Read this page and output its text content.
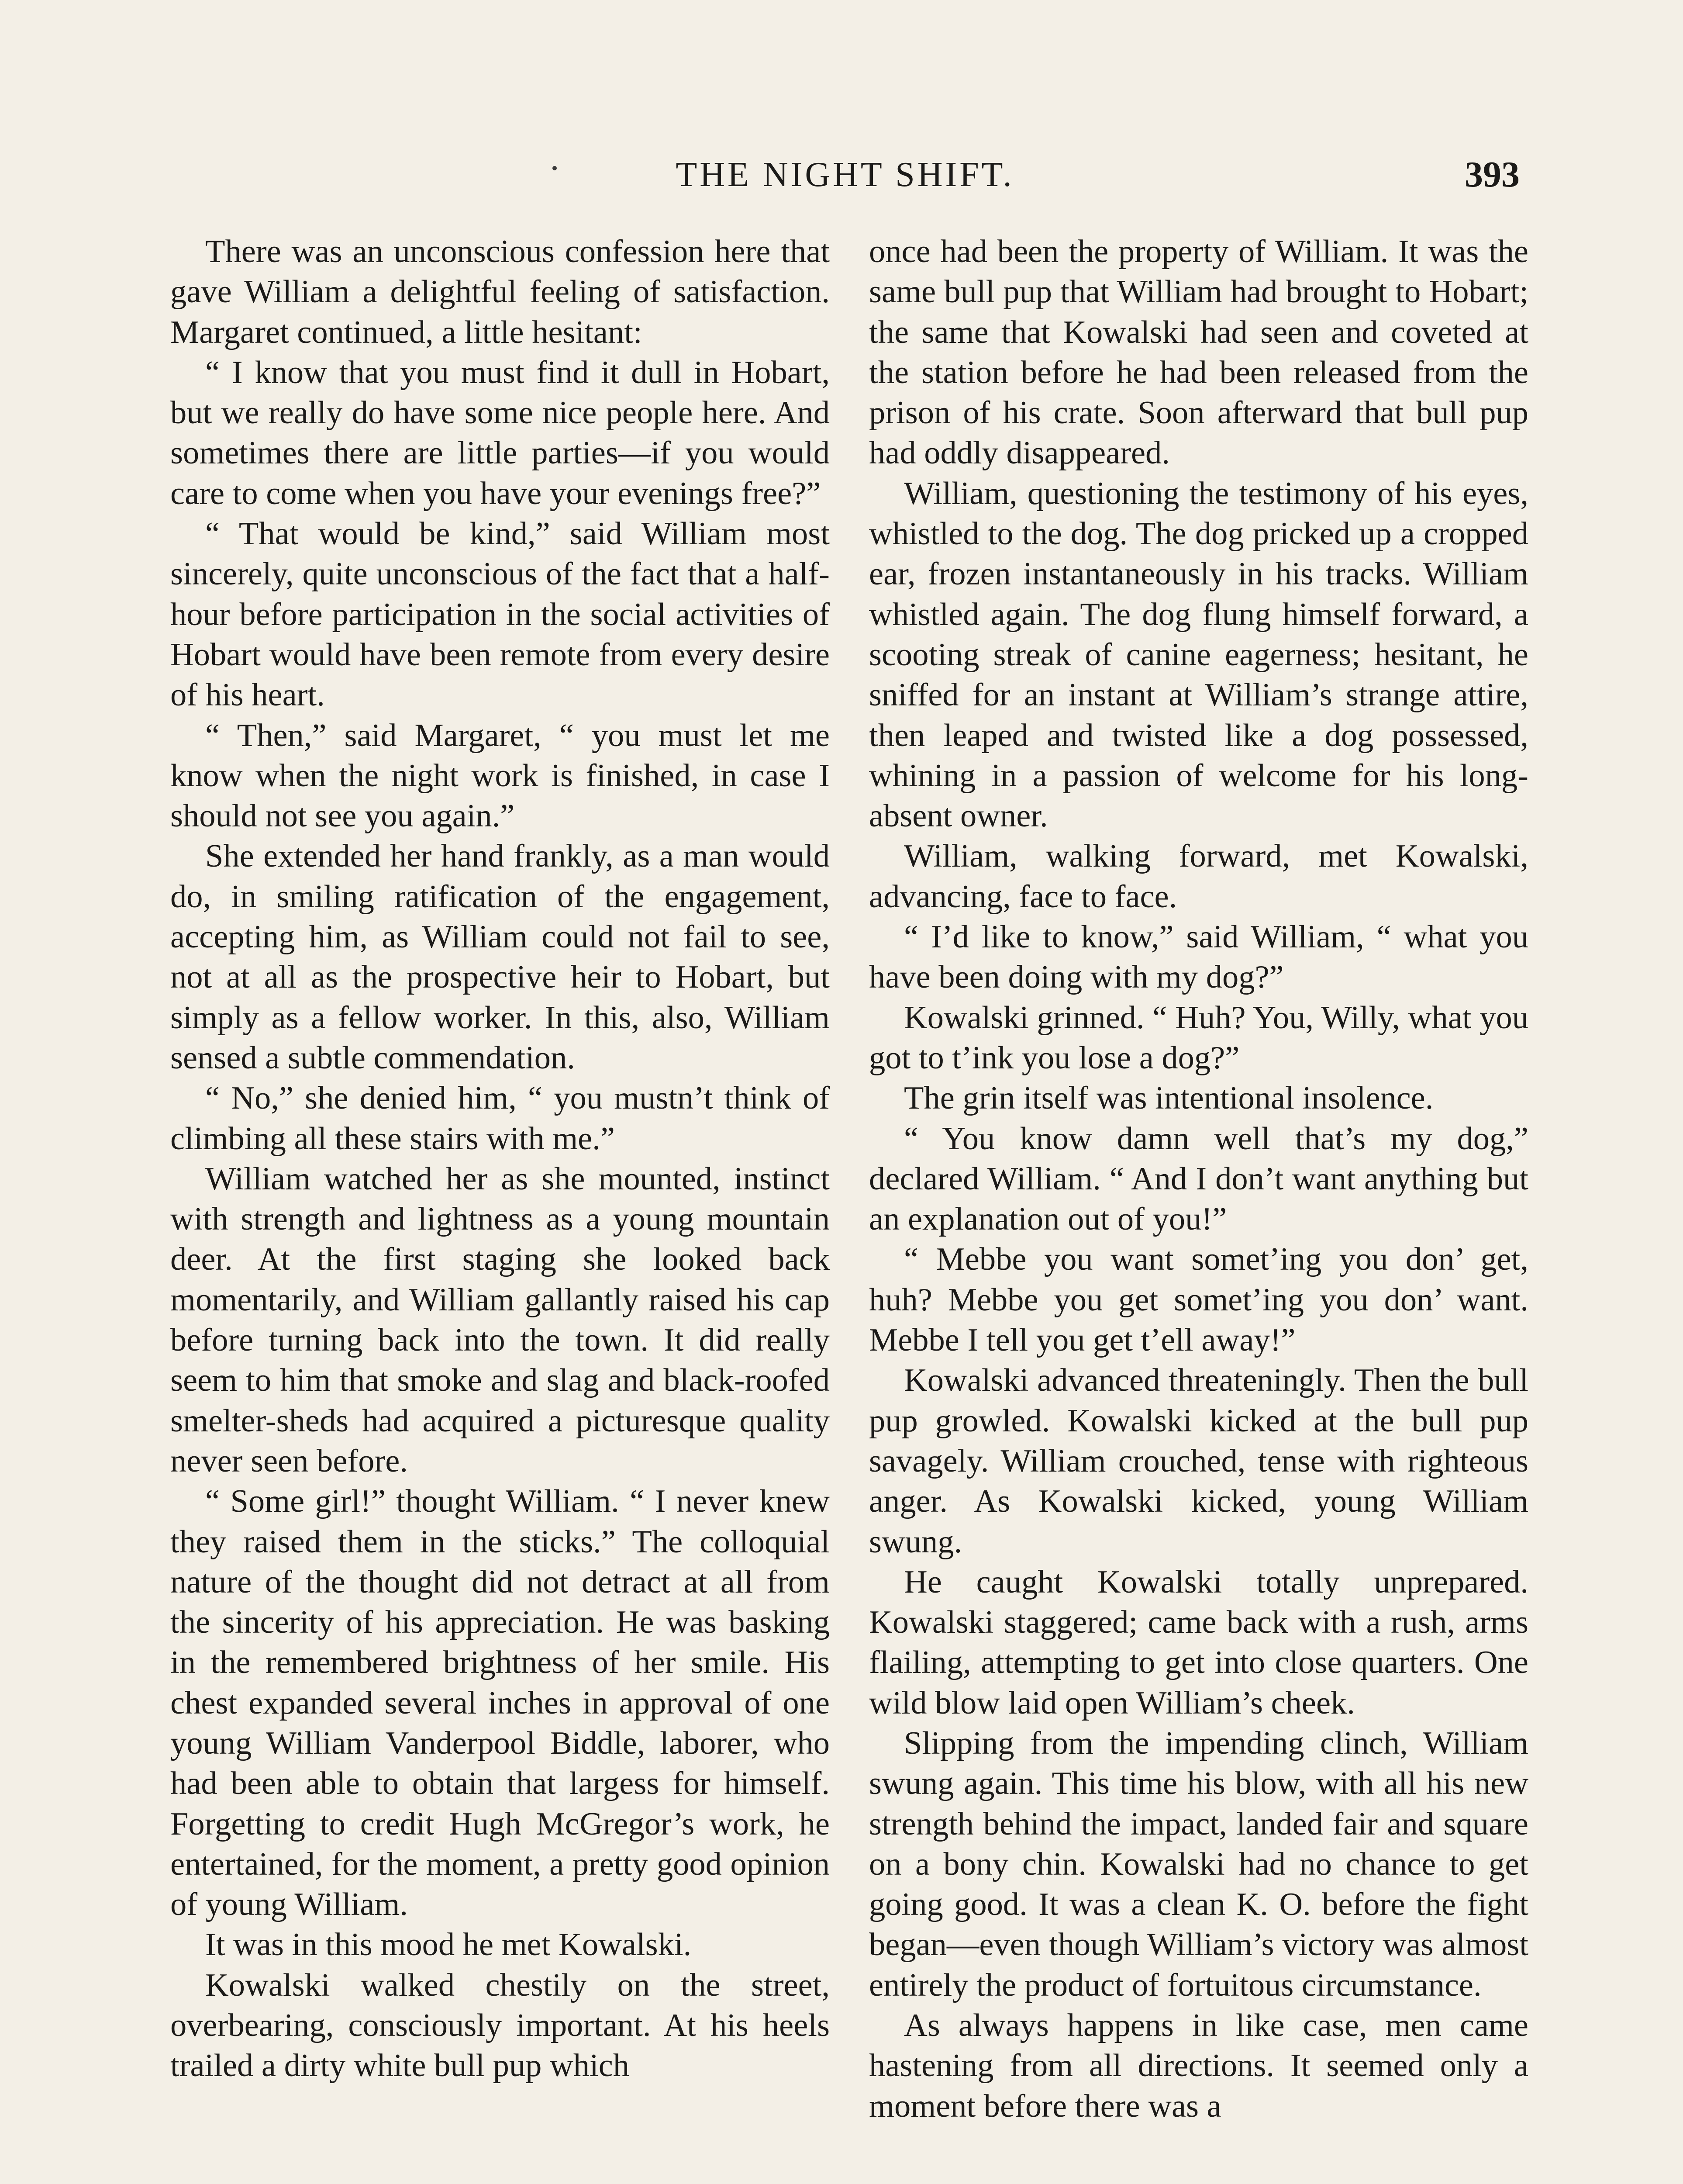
THE NIGHT SHIFT.	393

There was an unconscious confession here that gave William a delightful feeling of satisfaction. Margaret continued, a little hesitant:

“ I know that you must find it dull in Hobart, but we really do have some nice people here. And sometimes there are little parties—if you would care to come when you have your evenings free?”

“ That would be kind,” said William most sincerely, quite unconscious of the fact that a half-hour before participation in the social activities of Hobart would have been remote from every desire of his heart.

“ Then,” said Margaret, “ you must let me know when the night work is finished, in case I should not see you again.”

She extended her hand frankly, as a man would do, in smiling ratification of the engagement, accepting him, as William could not fail to see, not at all as the prospective heir to Hobart, but simply as a fellow worker. In this, also, William sensed a subtle commendation.

“ No,” she denied him, “ you mustn’t think of climbing all these stairs with me.”

William watched her as she mounted, instinct with strength and lightness as a young mountain deer. At the first staging she looked back momentarily, and William gallantly raised his cap before turning back into the town. It did really seem to him that smoke and slag and black-roofed smelter-sheds had acquired a picturesque quality never seen before.

“ Some girl!” thought William. “ I never knew they raised them in the sticks.” The colloquial nature of the thought did not detract at all from the sincerity of his appreciation. He was basking in the remembered brightness of her smile. His chest expanded several inches in approval of one young William Vanderpool Biddle, laborer, who had been able to obtain that largess for himself. Forgetting to credit Hugh McGregor’s work, he entertained, for the moment, a pretty good opinion of young William.

It was in this mood he met Kowalski.

Kowalski walked chestily on the street, overbearing, consciously important. At his heels trailed a dirty white bull pup which

once had been the property of William. It was the same bull pup that William had brought to Hobart; the same that Kowalski had seen and coveted at the station before he had been released from the prison of his crate. Soon afterward that bull pup had oddly disappeared.

William, questioning the testimony of his eyes, whistled to the dog. The dog pricked up a cropped ear, frozen instantaneously in his tracks. William whistled again. The dog flung himself forward, a scooting streak of canine eagerness; hesitant, he sniffed for an instant at William’s strange attire, then leaped and twisted like a dog possessed, whining in a passion of welcome for his long-absent owner.

William, walking forward, met Kowalski, advancing, face to face.

“ I’d like to know,” said William, “ what you have been doing with my dog?”

Kowalski grinned. “ Huh? You, Willy, what you got to t’ink you lose a dog?”

The grin itself was intentional insolence.

“ You know damn well that’s my dog,” declared William. “ And I don’t want anything but an explanation out of you!”

“ Mebbe you want somet’ing you don’ get, huh? Mebbe you get somet’ing you don’ want. Mebbe I tell you get t’ell away!”

Kowalski advanced threateningly. Then the bull pup growled. Kowalski kicked at the bull pup savagely. William crouched, tense with righteous anger. As Kowalski kicked, young William swung.

He caught Kowalski totally unprepared. Kowalski staggered; came back with a rush, arms flailing, attempting to get into close quarters. One wild blow laid open William’s cheek.

Slipping from the impending clinch, William swung again. This time his blow, with all his new strength behind the impact, landed fair and square on a bony chin. Kowalski had no chance to get going good. It was a clean K. O. before the fight began—even though William’s victory was almost entirely the product of fortuitous circumstance.

As always happens in like case, men came hastening from all directions. It seemed only a moment before there was a
